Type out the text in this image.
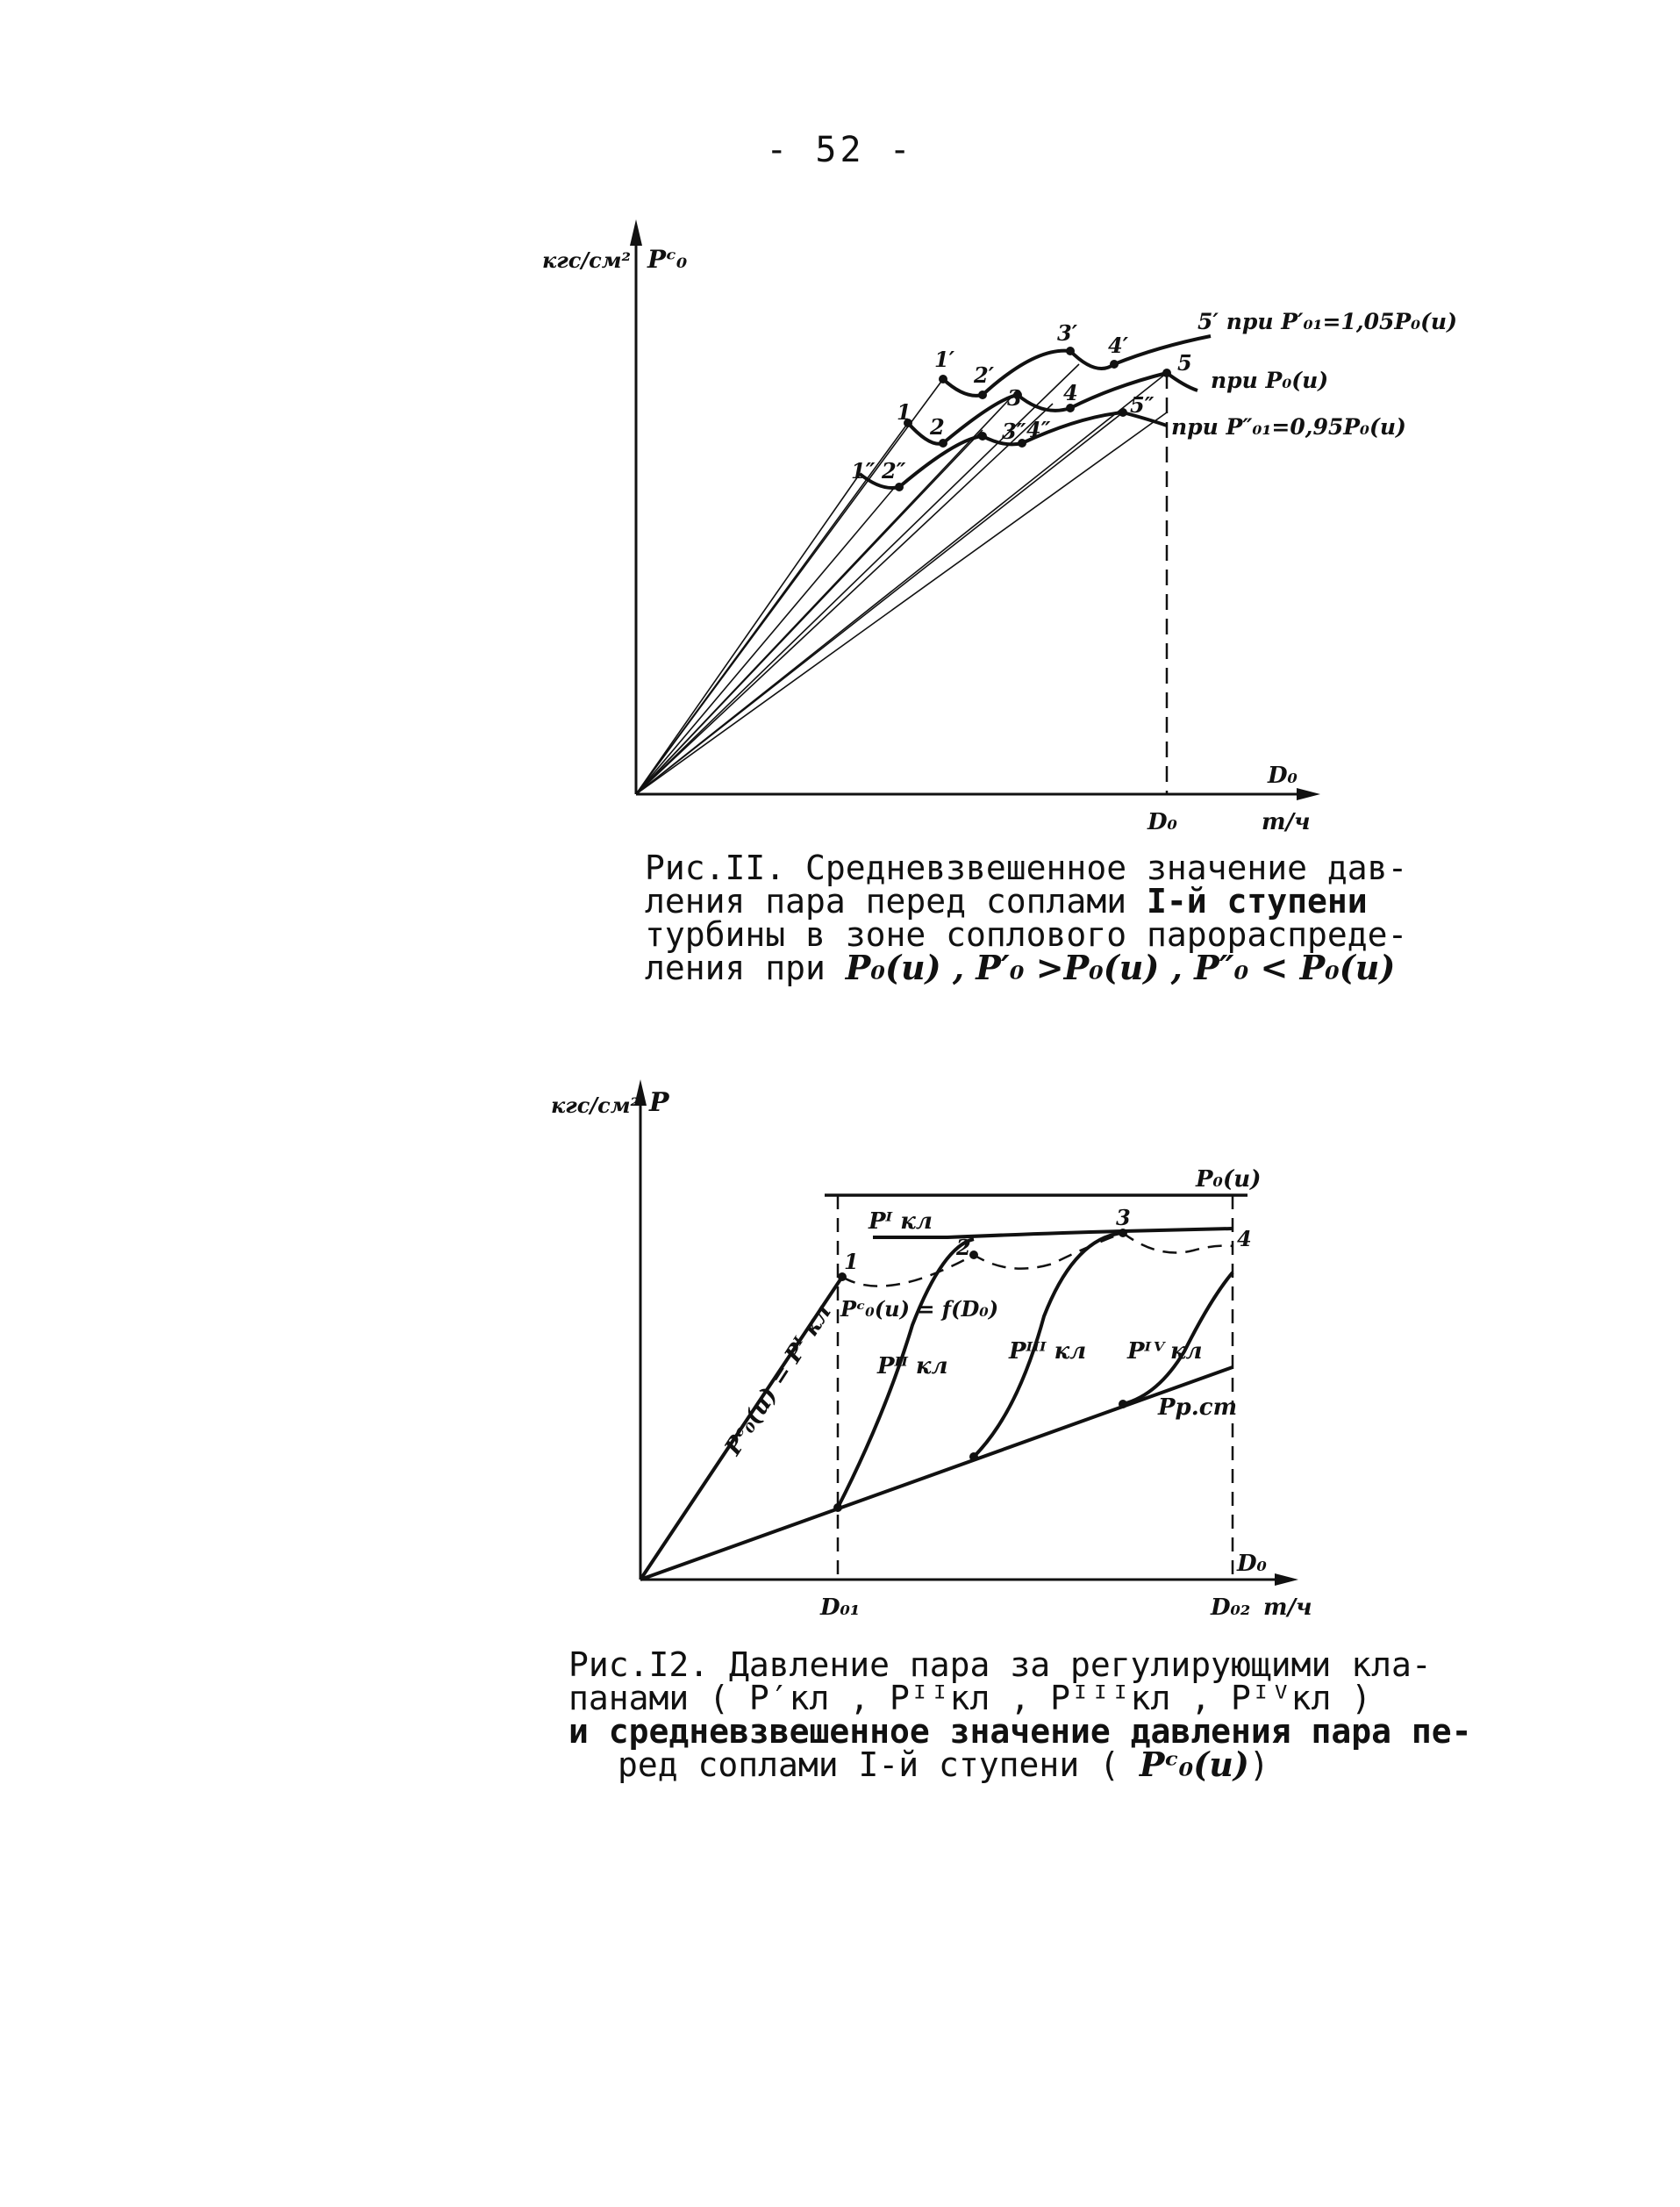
- 52 -
кгс/см² Pᶜ₀
D₀
т/ч
D₀
5′ при P′₀₁=1,05P₀(и)
при P₀(и)
при P″₀₁=0,95P₀(и)
1′
2′
3′ 4′
1
2
3 4
5
1″ 2″
3″ 4″
5″
Рис.II. Средневзвешенное значение дав-
ления пара перед соплами I-й ступени
турбины в зоне соплового парораспреде-
ления при P₀(и) , P′₀ >P₀(и) , P″₀ < P₀(и)
кгс/см² P
D₀
т/ч
D₀₁	D₀₂
P₀(и)
Pᴵ кл
Pᴵᴵ кл
Pᴵᴵᴵ кл Pᴵⱽ кл
Pр.ст
Pᶜ₀(и) = f(D₀)
Pᶜ₀(и) = Pᴵ кл
1
2
3
4
Рис.I2. Давление пара за регулирующими кла-
панами ( P′кл , Pᴵᴵкл , Pᴵᴵᴵкл , Pᴵⱽкл )
и средневзвешенное значение давления пара пе-
ред соплами I-й ступени ( Pᶜ₀(и))
